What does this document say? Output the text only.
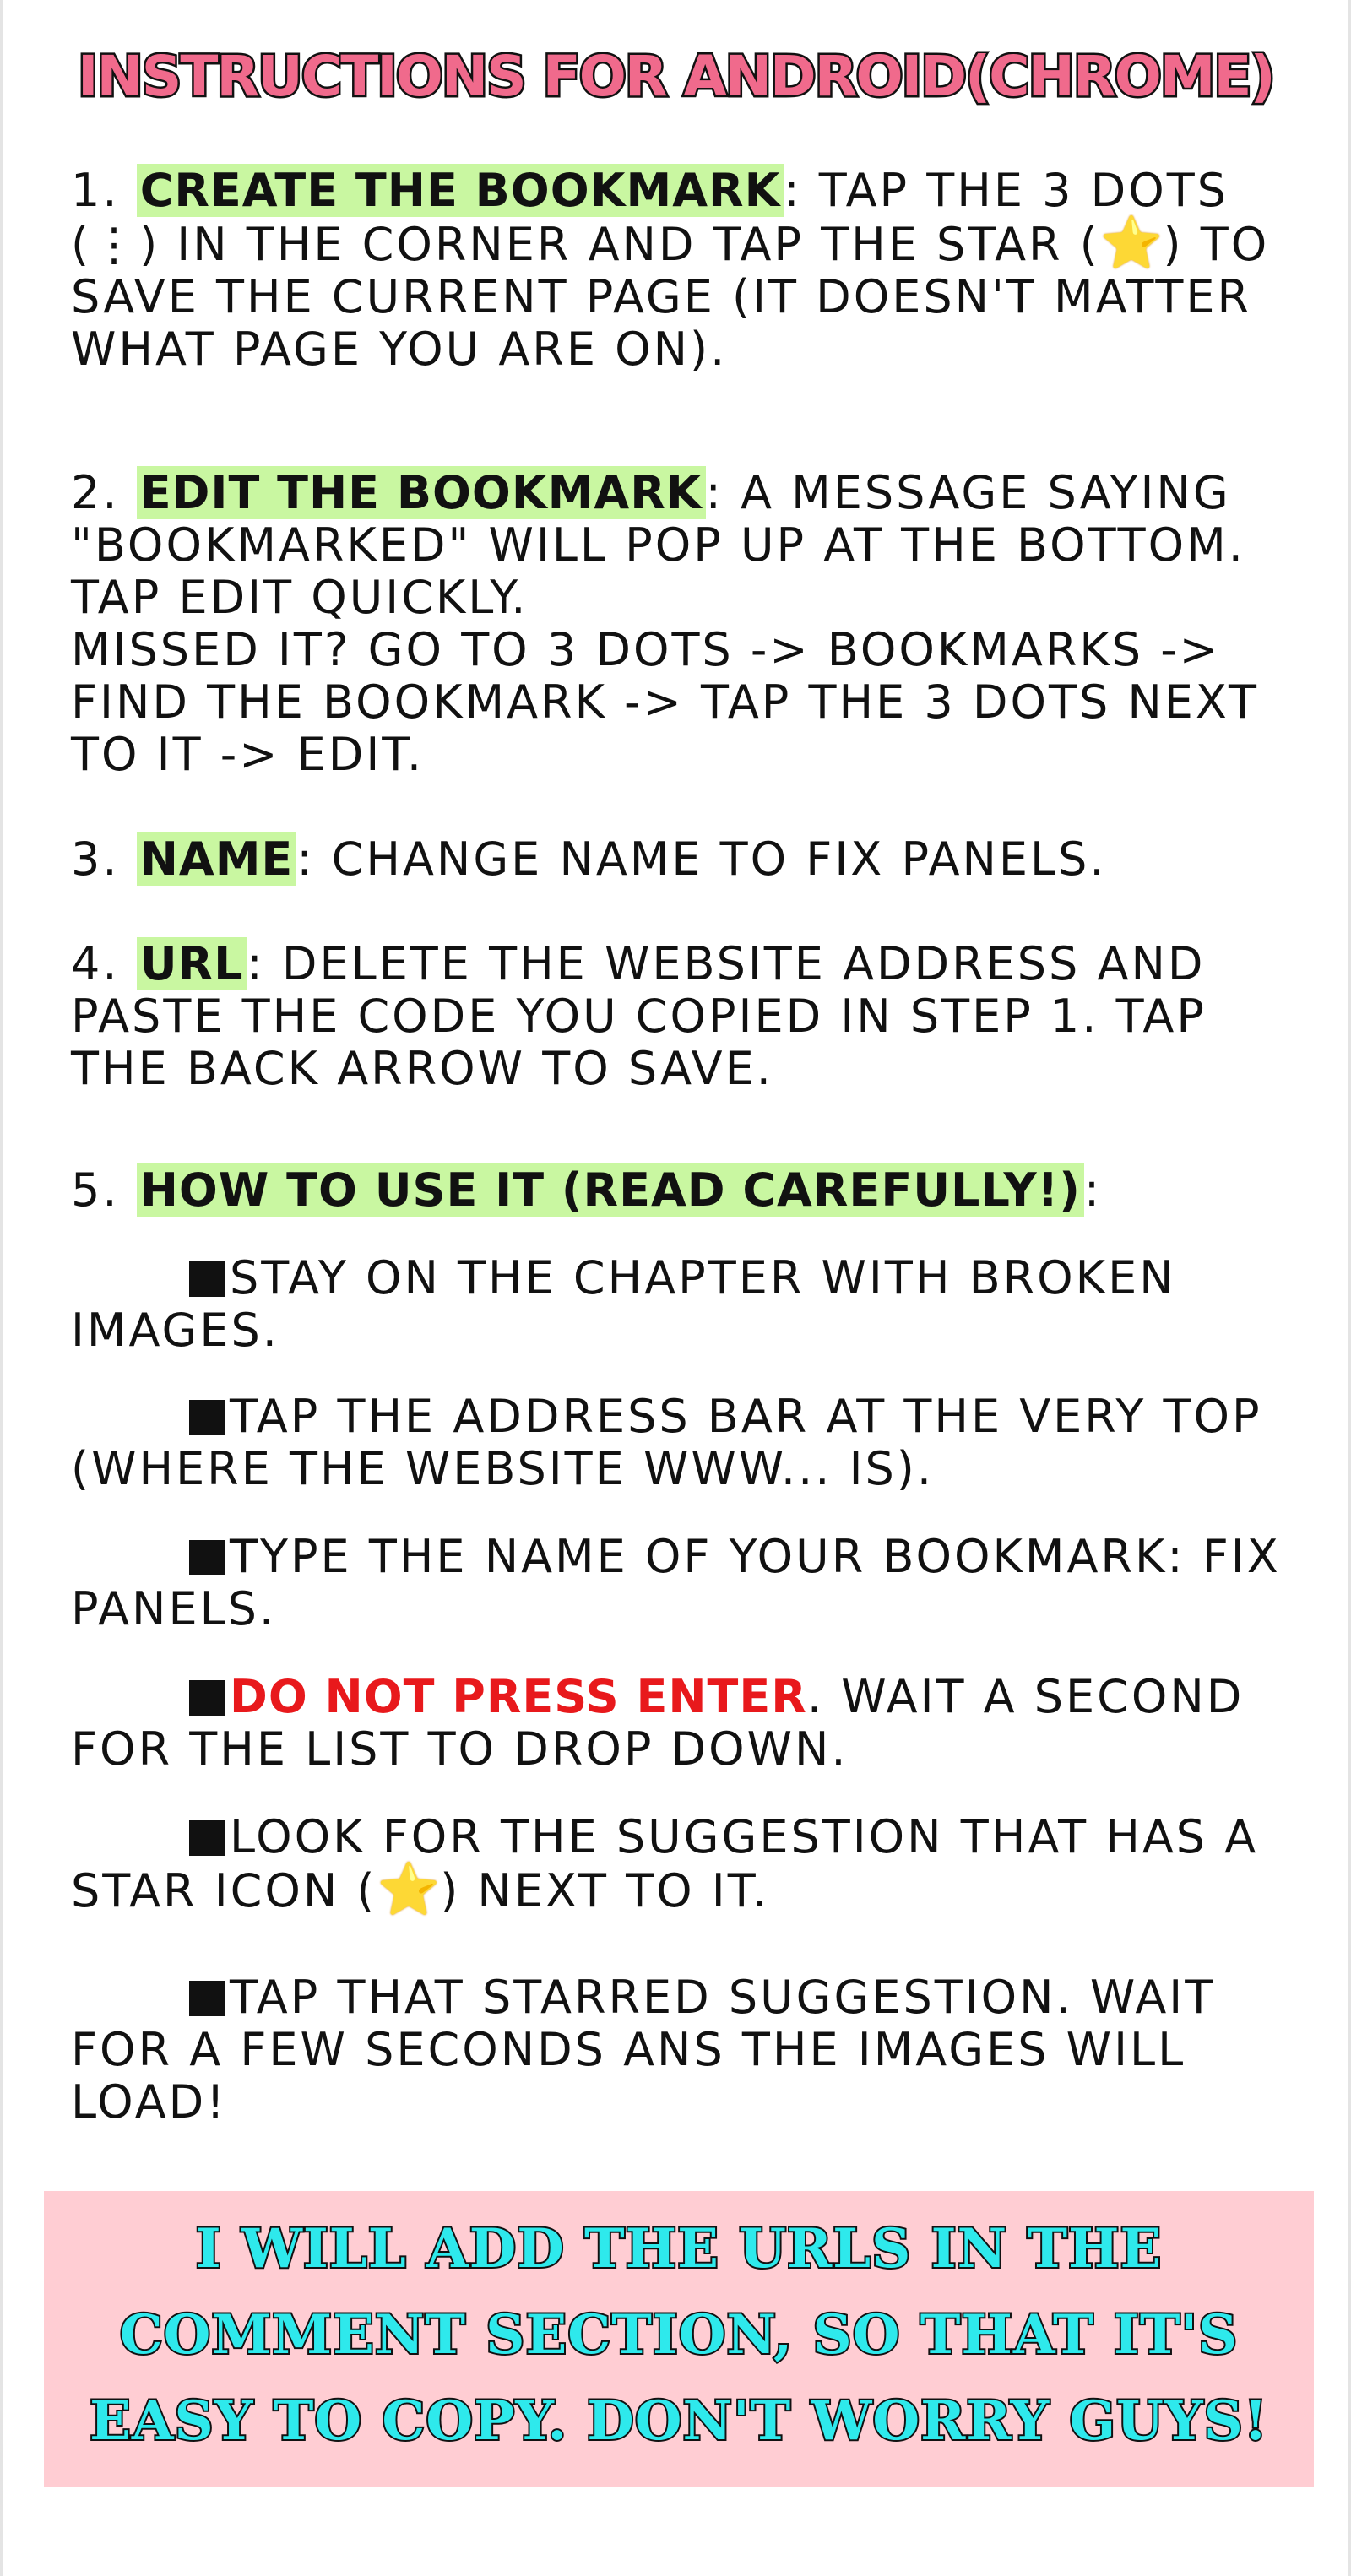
INSTRUCTIONS FOR ANDROID(CHROME)
1. CREATE THE BOOKMARK: TAP THE 3 DOTS (⋮) IN THE CORNER AND TAP THE STAR (⭐) TO SAVE THE CURRENT PAGE (IT DOESN'T MATTER WHAT PAGE YOU ARE ON).
2. EDIT THE BOOKMARK: A MESSAGE SAYING "BOOKMARKED" WILL POP UP AT THE BOTTOM. TAP EDIT QUICKLY.
MISSED IT? GO TO 3 DOTS -> BOOKMARKS -> FIND THE BOOKMARK -> TAP THE 3 DOTS NEXT TO IT -> EDIT.
3. NAME: CHANGE NAME TO FIX PANELS.
4. URL: DELETE THE WEBSITE ADDRESS AND PASTE THE CODE YOU COPIED IN STEP 1. TAP THE BACK ARROW TO SAVE.
5. HOW TO USE IT (READ CAREFULLY!):
STAY ON THE CHAPTER WITH BROKEN IMAGES.
TAP THE ADDRESS BAR AT THE VERY TOP (WHERE THE WEBSITE WWW... IS).
TYPE THE NAME OF YOUR BOOKMARK: FIX PANELS.
DO NOT PRESS ENTER. WAIT A SECOND FOR THE LIST TO DROP DOWN.
LOOK FOR THE SUGGESTION THAT HAS A STAR ICON (⭐) NEXT TO IT.
TAP THAT STARRED SUGGESTION. WAIT FOR A FEW SECONDS ANS THE IMAGES WILL LOAD!
I WILL ADD THE URLS IN THE COMMENT SECTION, SO THAT IT'S EASY TO COPY. DON'T WORRY GUYS!
